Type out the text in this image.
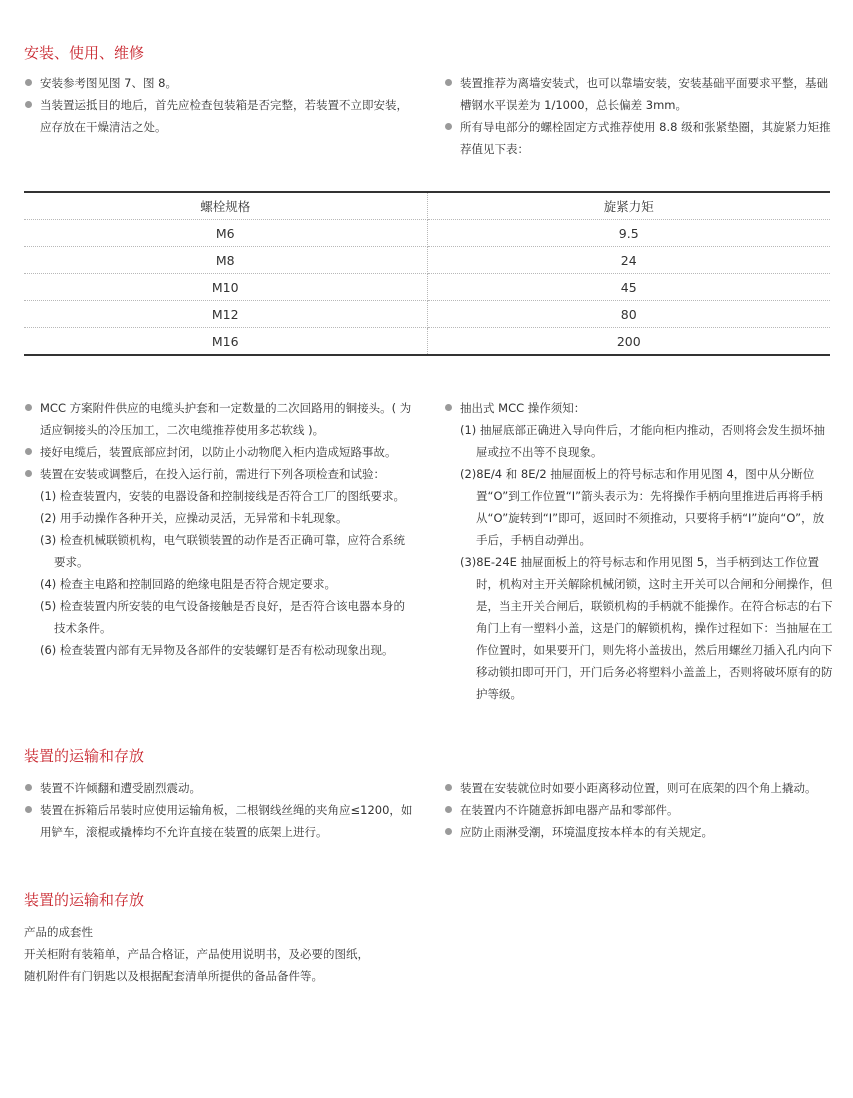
安装、使用、维修
安装参考图见图 7、图 8。
当装置运抵目的地后，首先应检查包装箱是否完整，若装置不立即安装，应存放在干燥清洁之处。
装置推荐为离墙安装式，也可以靠墙安装，安装基础平面要求平整，基础槽钢水平误差为 1/1000，总长偏差 3mm。
所有导电部分的螺栓固定方式推荐使用 8.8 级和张紧垫圈，其旋紧力矩推荐值见下表：
螺栓规格	旋紧力矩
M6	9.5
M8	24
M10	45
M12	80
M16	200
MCC 方案附件供应的电缆头护套和一定数量的二次回路用的铜接头。( 为适应铜接头的冷压加工，二次电缆推荐使用多芯软线 )。
接好电缆后，装置底部应封闭，以防止小动物爬入柜内造成短路事故。
装置在安装或调整后，在投入运行前，需进行下列各项检查和试验：
(1) 检查装置内，安装的电器设备和控制接线是否符合工厂的图纸要求。
(2) 用手动操作各种开关，应操动灵活，无异常和卡轧现象。
(3) 检查机械联锁机构，电气联锁装置的动作是否正确可靠，应符合系统要求。
(4) 检查主电路和控制回路的绝缘电阻是否符合规定要求。
(5) 检查装置内所安装的电气设备接触是否良好，是否符合该电器本身的技术条件。
(6) 检查装置内部有无异物及各部件的安装螺钉是否有松动现象出现。
抽出式 MCC 操作须知：
(1) 抽屉底部正确进入导向件后，才能向柜内推动，否则将会发生损坏抽屉或拉不出等不良现象。
(2)8E/4 和 8E/2 抽屉面板上的符号标志和作用见图 4，图中从分断位置“O”到工作位置“I”箭头表示为：先将操作手柄向里推进后再将手柄从“O”旋转到“I”即可，返回时不须推动，只要将手柄“I”旋向“O”，放手后，手柄自动弹出。
(3)8E-24E 抽屉面板上的符号标志和作用见图 5，当手柄到达工作位置时，机构对主开关解除机械闭锁，这时主开关可以合闸和分闸操作，但是，当主开关合闸后，联锁机构的手柄就不能操作。在符合标志的右下角门上有一塑料小盖，这是门的解锁机构，操作过程如下：当抽屉在工作位置时，如果要开门，则先将小盖拔出，然后用螺丝刀插入孔内向下移动锁扣即可开门，开门后务必将塑料小盖盖上，否则将破坏原有的防护等级。
装置的运输和存放
装置不许倾翻和遭受剧烈震动。
装置在拆箱后吊装时应使用运输角板，二根钢线丝绳的夹角应≤1200，如用铲车，滚棍或撬棒均不允许直接在装置的底架上进行。
装置在安装就位时如要小距离移动位置，则可在底架的四个角上撬动。
在装置内不许随意拆卸电器产品和零部件。
应防止雨淋受潮，环境温度按本样本的有关规定。
装置的运输和存放
产品的成套性
开关柜附有装箱单，产品合格证，产品使用说明书，及必要的图纸，
随机附件有门钥匙以及根据配套清单所提供的备品备件等。
